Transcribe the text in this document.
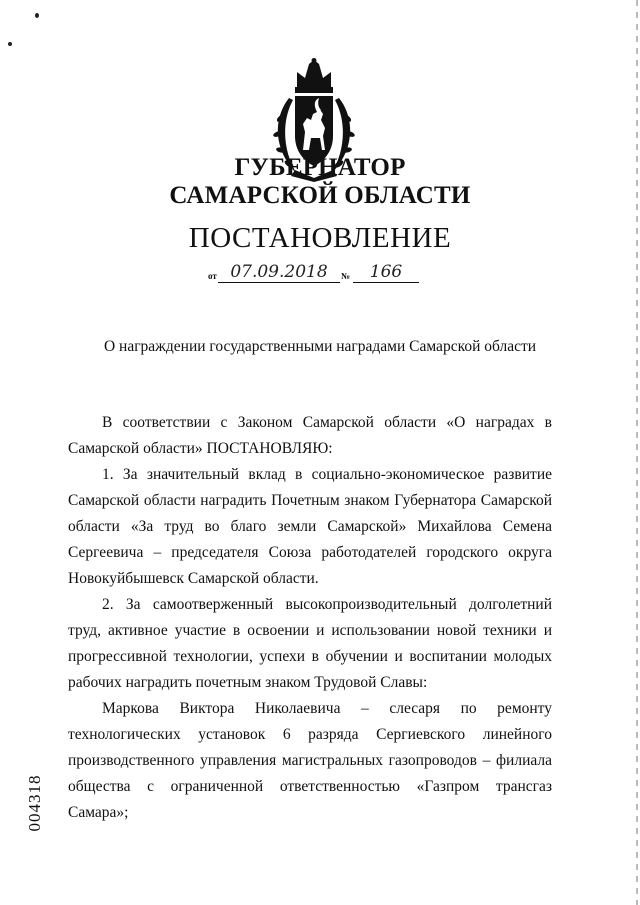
ГУБЕРНАТОР
САМАРСКОЙ ОБЛАСТИ
ПОСТАНОВЛЕНИЕ
от 07.09.2018	№	166
О награждении государственными наградами Самарской области

В соответствии с Законом Самарской области «О наградах в Самарской области» ПОСТАНОВЛЯЮ:

1. За значительный вклад в социально-экономическое развитие Самарской области наградить Почетным знаком Губернатора Самарской области «За труд во благо земли Самарской» Михайлова Семена Сергеевича – председателя Союза работодателей городского округа Новокуйбышевск Самарской области.

2. За самоотверженный высокопроизводительный долголетний труд, активное участие в освоении и использовании новой техники и прогрессивной технологии, успехи в обучении и воспитании молодых рабочих наградить почетным знаком Трудовой Славы:

Маркова Виктора Николаевича – слесаря по ремонту технологических установок 6 разряда Сергиевского линейного производственного управления магистральных газопроводов – филиала общества с ограниченной ответственностью «Газпром трансгаз Самара»;

004318
